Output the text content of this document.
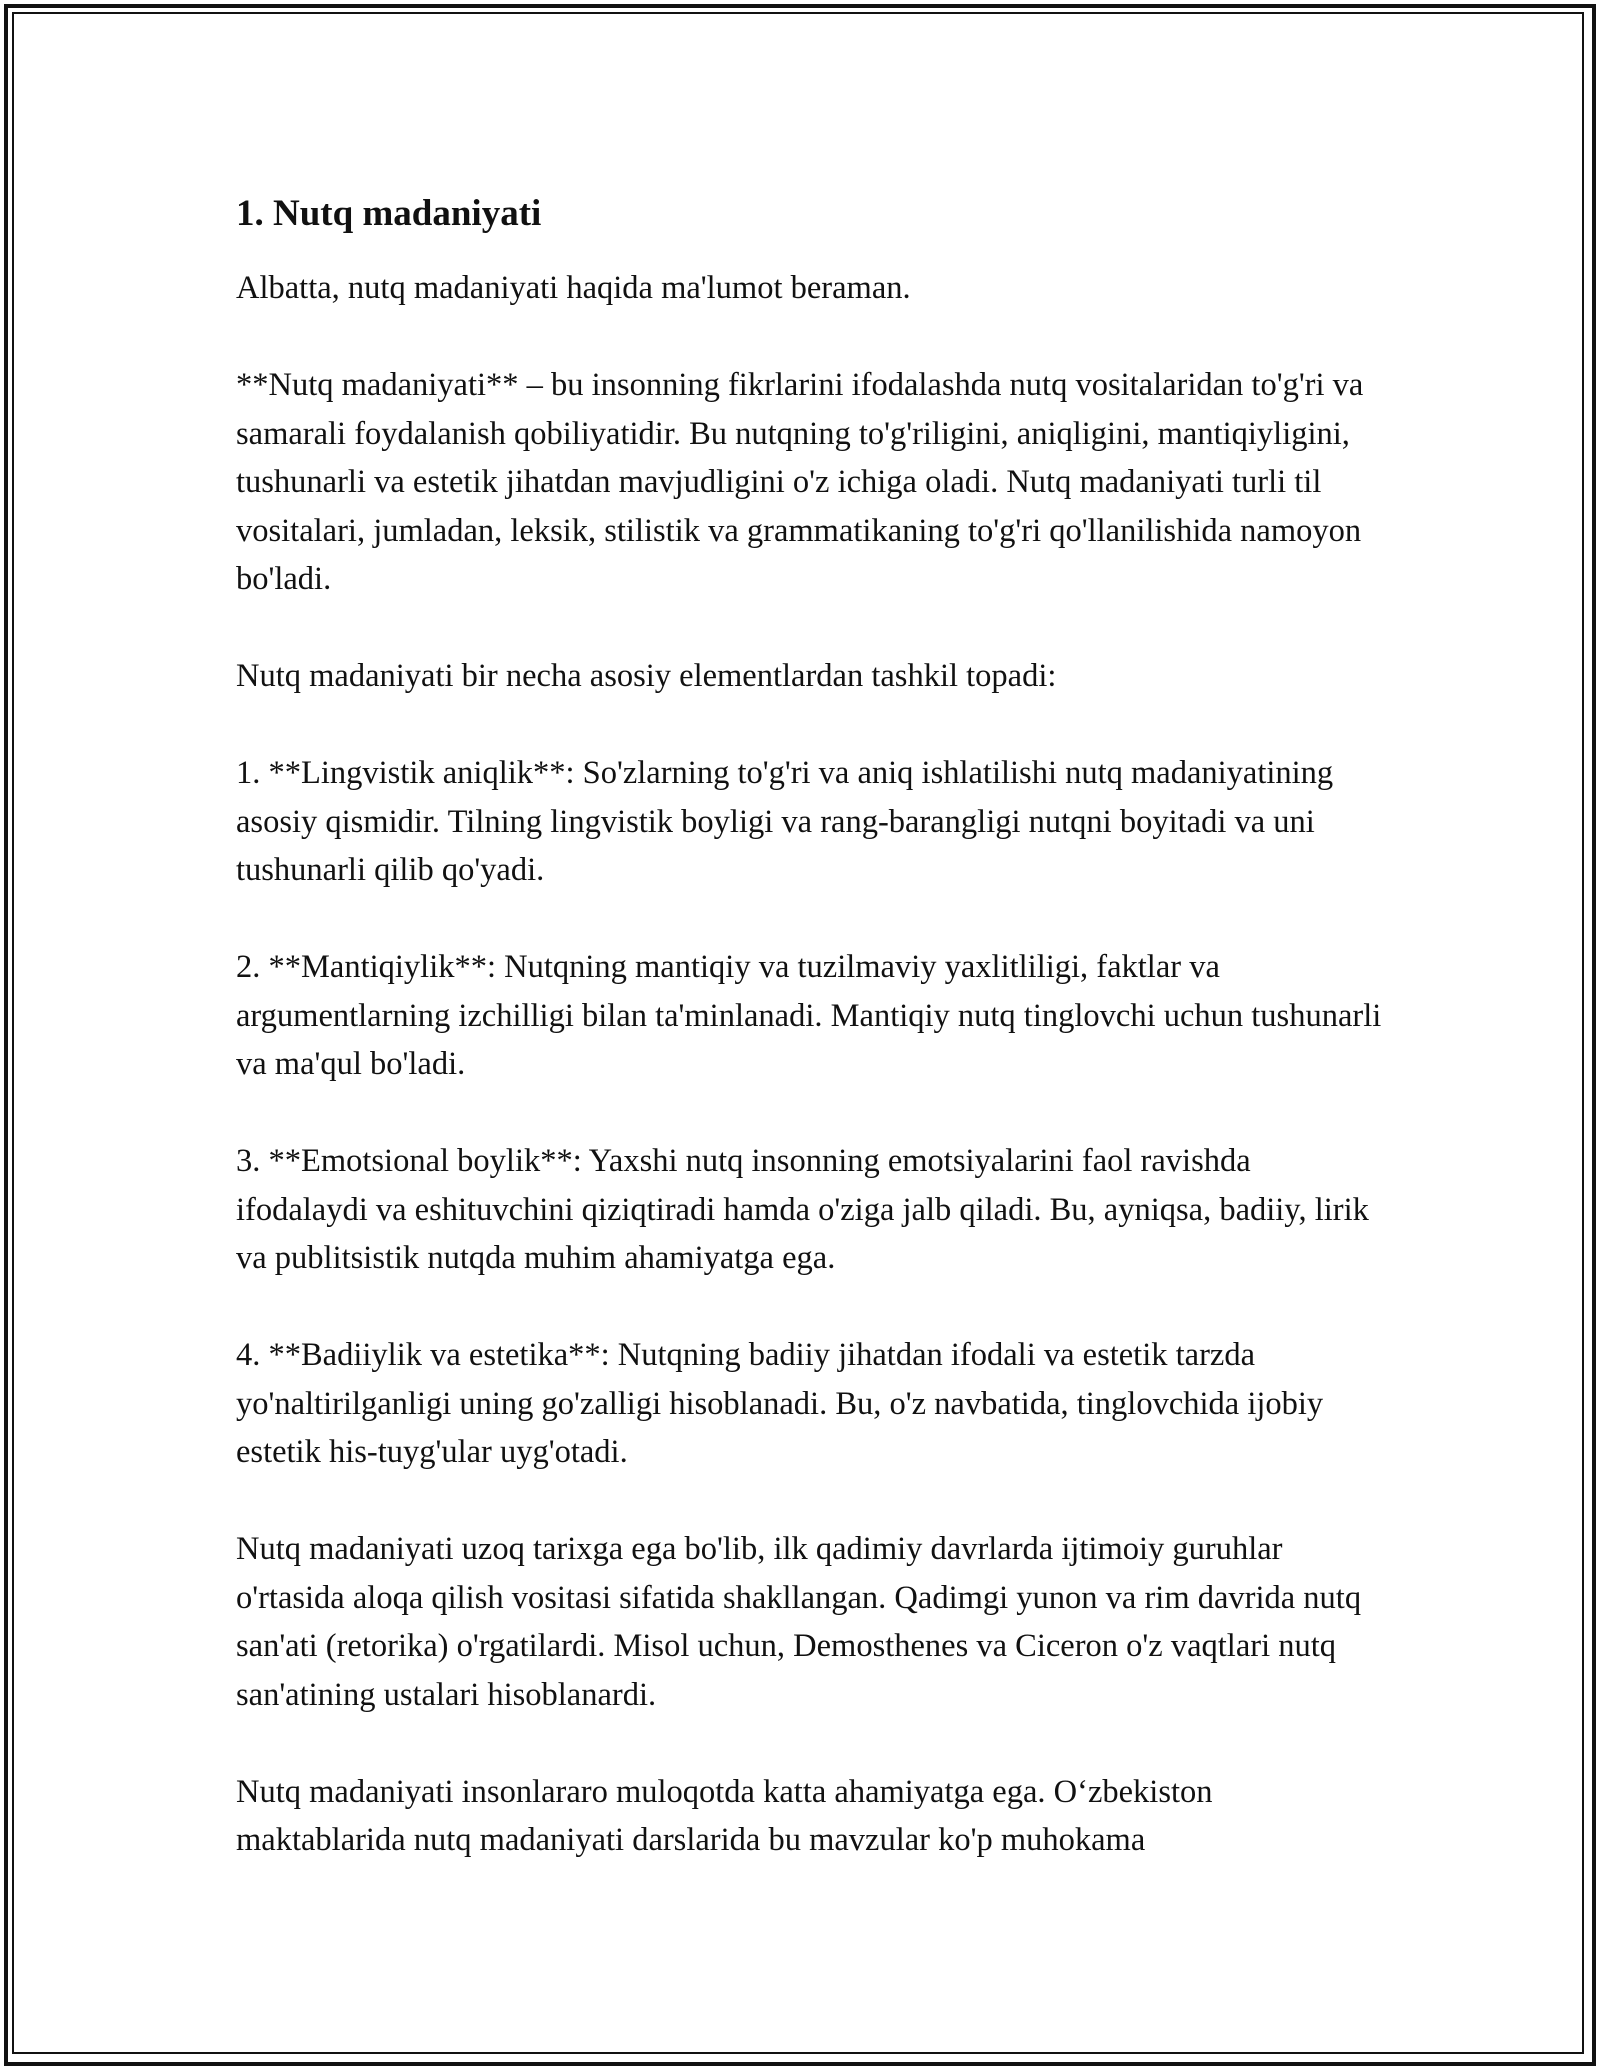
1. Nutq madaniyati

Albatta, nutq madaniyati haqida ma'lumot beraman.

**Nutq madaniyati** – bu insonning fikrlarini ifodalashda nutq vositalaridan to'g'ri va samarali foydalanish qobiliyatidir. Bu nutqning to'g'riligini, aniqligini, mantiqiyligini, tushunarli va estetik jihatdan mavjudligini o'z ichiga oladi. Nutq madaniyati turli til vositalari, jumladan, leksik, stilistik va grammatikaning to'g'ri qo'llanilishida namoyon bo'ladi.

Nutq madaniyati bir necha asosiy elementlardan tashkil topadi:

1. **Lingvistik aniqlik**: So'zlarning to'g'ri va aniq ishlatilishi nutq madaniyatining asosiy qismidir. Tilning lingvistik boyligi va rang-barangligi nutqni boyitadi va uni tushunarli qilib qo'yadi.

2. **Mantiqiylik**: Nutqning mantiqiy va tuzilmaviy yaxlitliligi, faktlar va argumentlarning izchilligi bilan ta'minlanadi. Mantiqiy nutq tinglovchi uchun tushunarli va ma'qul bo'ladi.

3. **Emotsional boylik**: Yaxshi nutq insonning emotsiyalarini faol ravishda ifodalaydi va eshituvchini qiziqtiradi hamda o'ziga jalb qiladi. Bu, ayniqsa, badiiy, lirik va publitsistik nutqda muhim ahamiyatga ega.

4. **Badiiylik va estetika**: Nutqning badiiy jihatdan ifodali va estetik tarzda yo'naltirilganligi uning go'zalligi hisoblanadi. Bu, o'z navbatida, tinglovchida ijobiy estetik his-tuyg'ular uyg'otadi.

Nutq madaniyati uzoq tarixga ega bo'lib, ilk qadimiy davrlarda ijtimoiy guruhlar o'rtasida aloqa qilish vositasi sifatida shakllangan. Qadimgi yunon va rim davrida nutq san'ati (retorika) o'rgatilardi. Misol uchun, Demosthenes va Ciceron o'z vaqtlari nutq san'atining ustalari hisoblanardi.

Nutq madaniyati insonlararo muloqotda katta ahamiyatga ega. O‘zbekiston maktablarida nutq madaniyati darslarida bu mavzular ko'p muhokama
